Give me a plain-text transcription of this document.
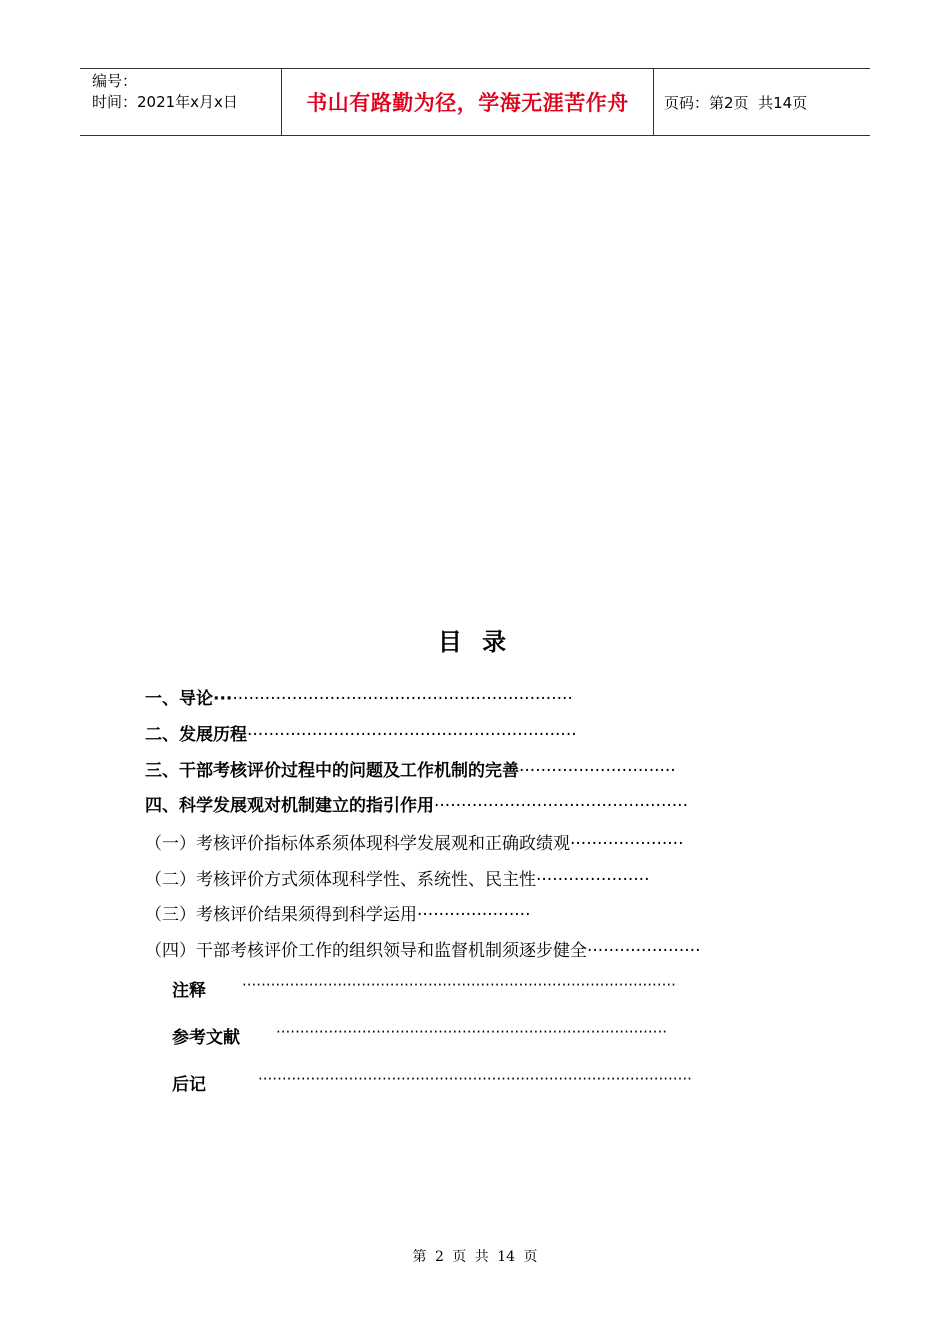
编号：
时间：2021年x月x日	书山有路勤为径，学海无涯苦作舟	页码：第2页  共14页
目 录
一、导论··································································
二、发展历程·····························································
三、干部考核评价过程中的问题及工作机制的完善·····························
四、科学发展观对机制建立的指引作用···············································
（一）考核评价指标体系须体现科学发展观和正确政绩观·····················
（二）考核评价方式须体现科学性、系统性、民主性·····················
（三）考核评价结果须得到科学运用·····················
（四）干部考核评价工作的组织领导和监督机制须逐步健全·····················
注释 ···························································································
参考文献 ··················································································
后记	···························································································
第 2 页 共 14 页
